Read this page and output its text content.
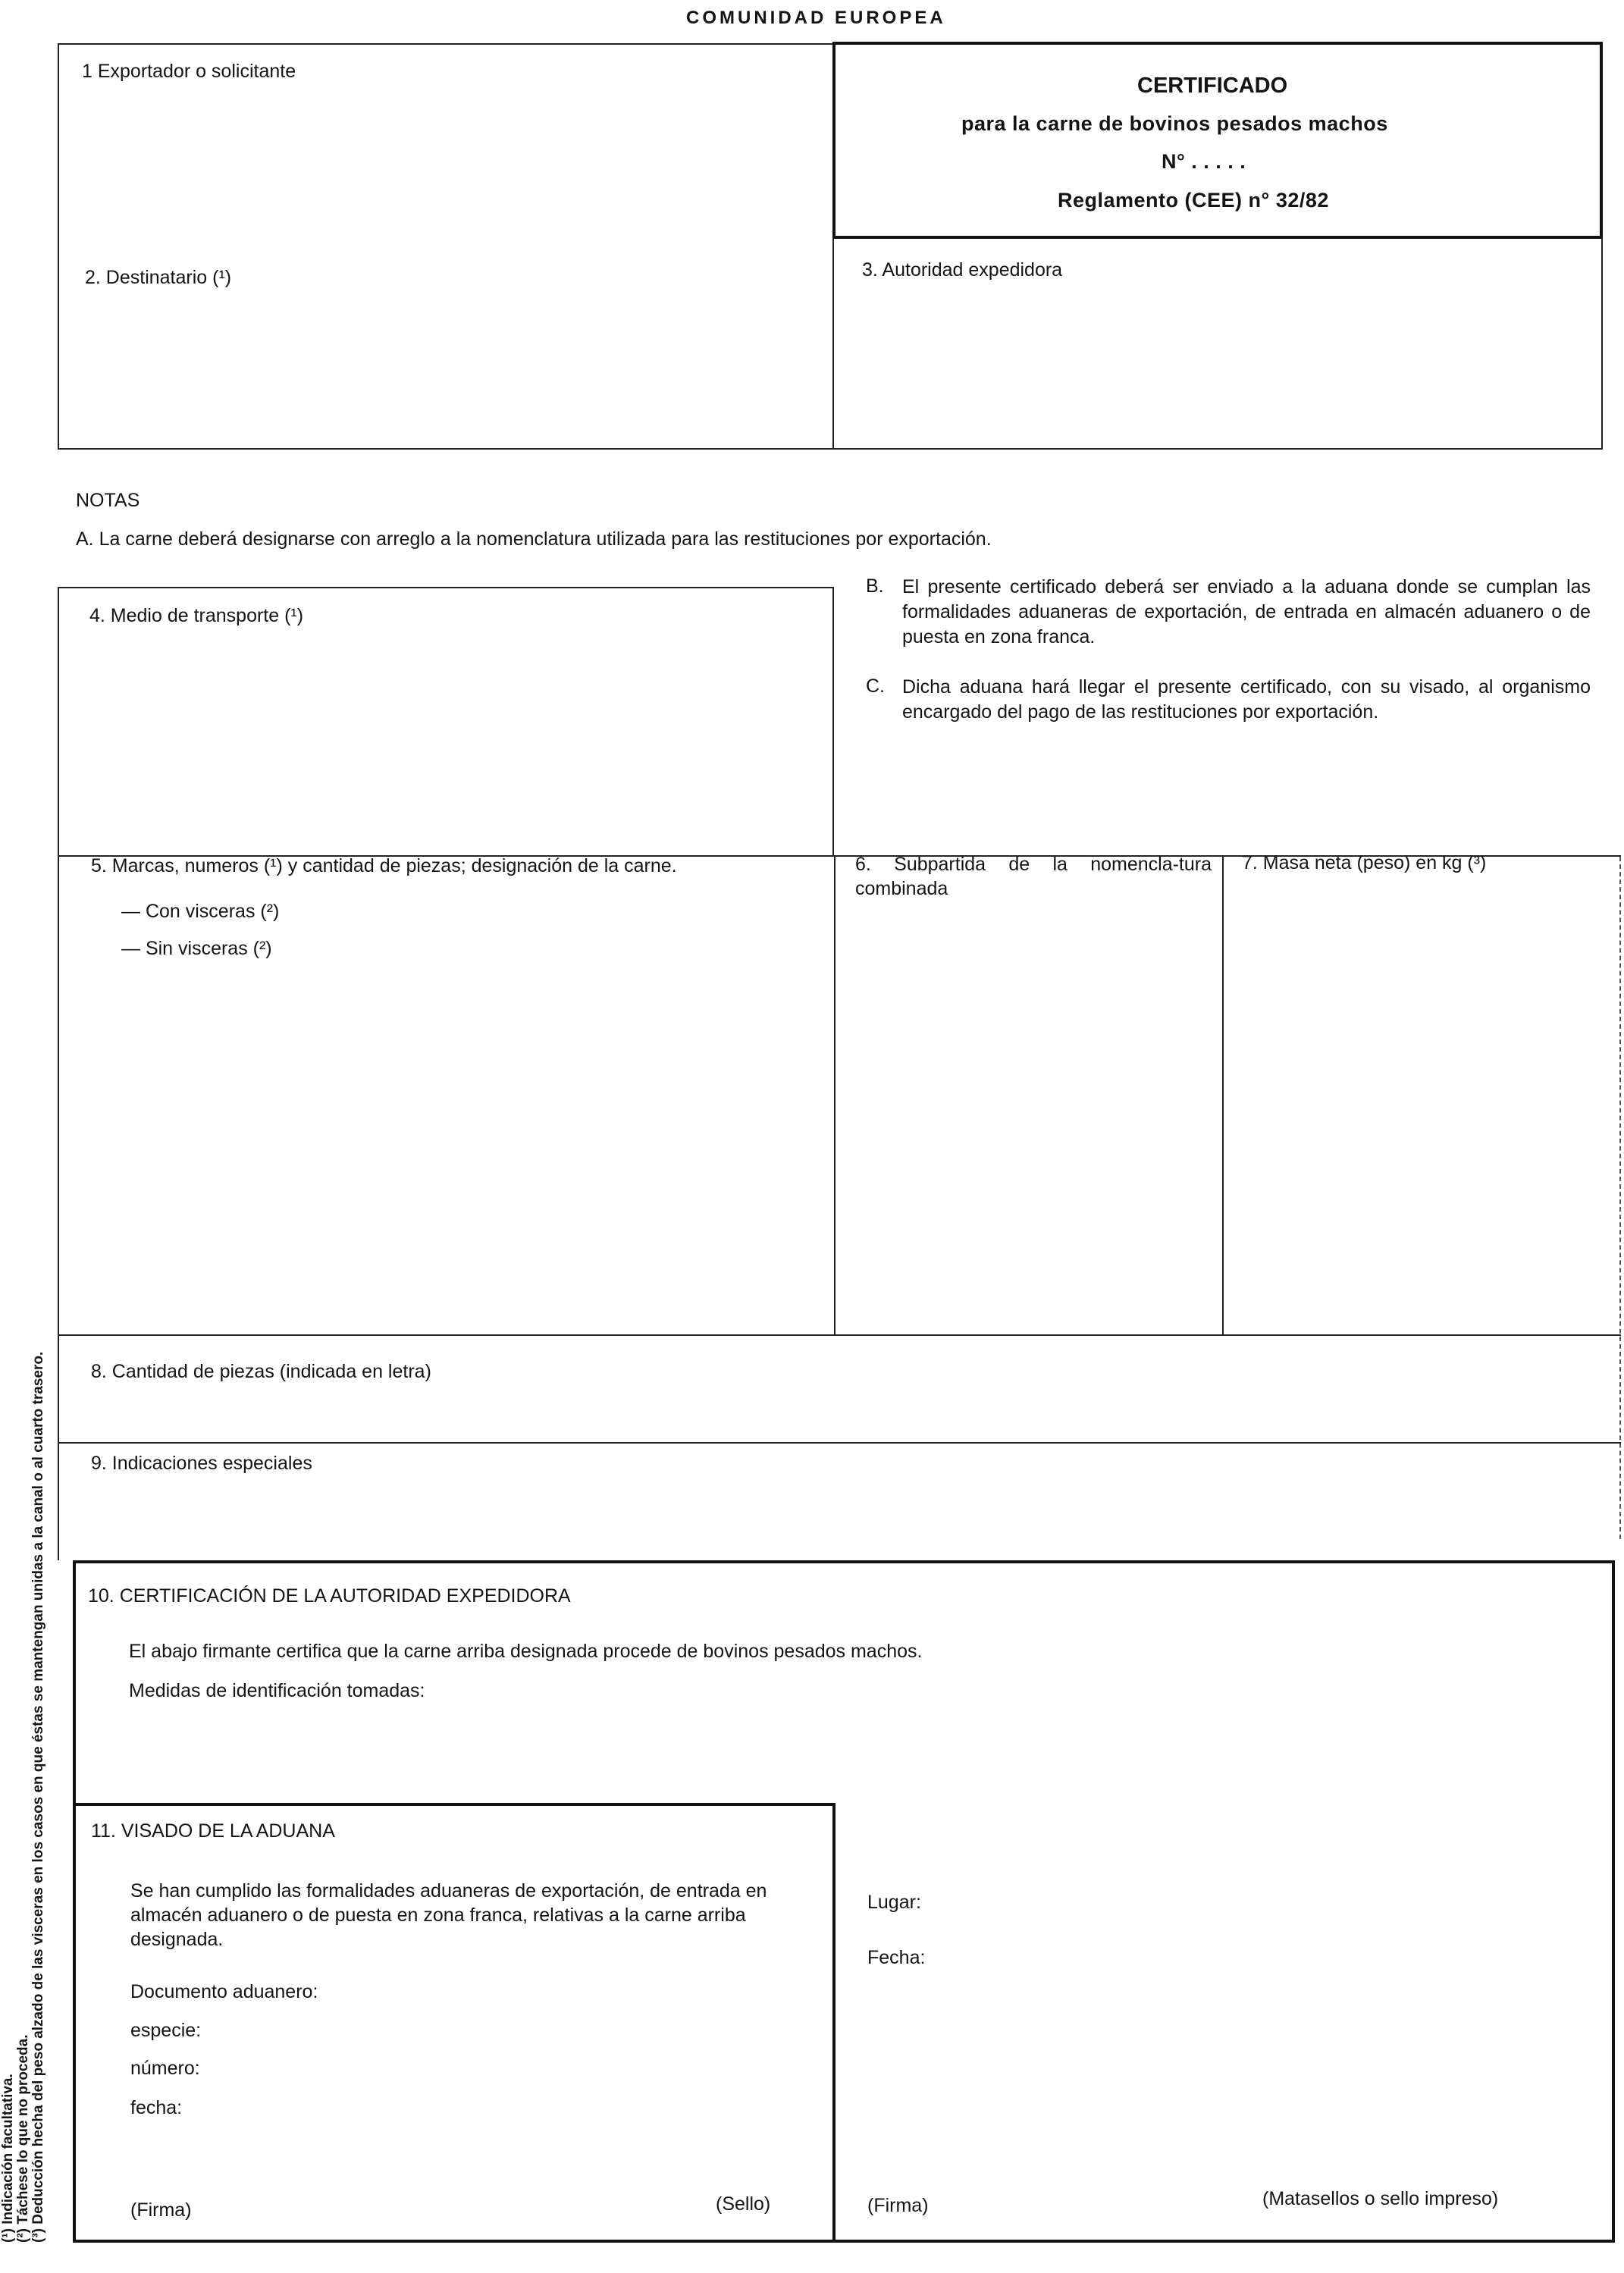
COMUNIDAD EUROPEA
1 Exportador o solicitante
CERTIFICADO
para la carne de bovinos pesados machos
N° . . . . .
Reglamento (CEE) n° 32/82
2. Destinatario (¹)	3. Autoridad expedidora
NOTAS
A. La carne deberá designarse con arreglo a la nomenclatura utilizada para las restituciones por exportación.
4. Medio de transporte (¹)
B. El presente certificado deberá ser enviado a la aduana donde se cumplan las formalidades aduaneras de exportación, de entrada en almacén aduanero o de puesta en zona franca.
C. Dicha aduana hará llegar el presente certificado, con su visado, al organismo encargado del pago de las restituciones por exportación.
5. Marcas, numeros (¹) y cantidad de piezas; designación de la carne.
— Con visceras (²)
— Sin visceras (²)
6. Subpartida de la nomencla-tura combinada
7. Masa neta (peso) en kg (³)
8. Cantidad de piezas (indicada en letra)
9. Indicaciones especiales
10. CERTIFICACIÓN DE LA AUTORIDAD EXPEDIDORA
El abajo firmante certifica que la carne arriba designada procede de bovinos pesados machos.
Medidas de identificación tomadas:
11. VISADO DE LA ADUANA
Se han cumplido las formalidades aduaneras de exportación, de entrada en almacén aduanero o de puesta en zona franca, relativas a la carne arriba designada.
Documento aduanero:
especie:
número:
fecha:
(Firma)	(Sello)
Lugar:
Fecha:
(Firma)	(Matasellos o sello impreso)
(¹) Indicación facultativa. (²) Táchese lo que no proceda. (³) Deducción hecha del peso alzado de las visceras en los casos en que éstas se mantengan unidas a la canal o al cuarto trasero.
